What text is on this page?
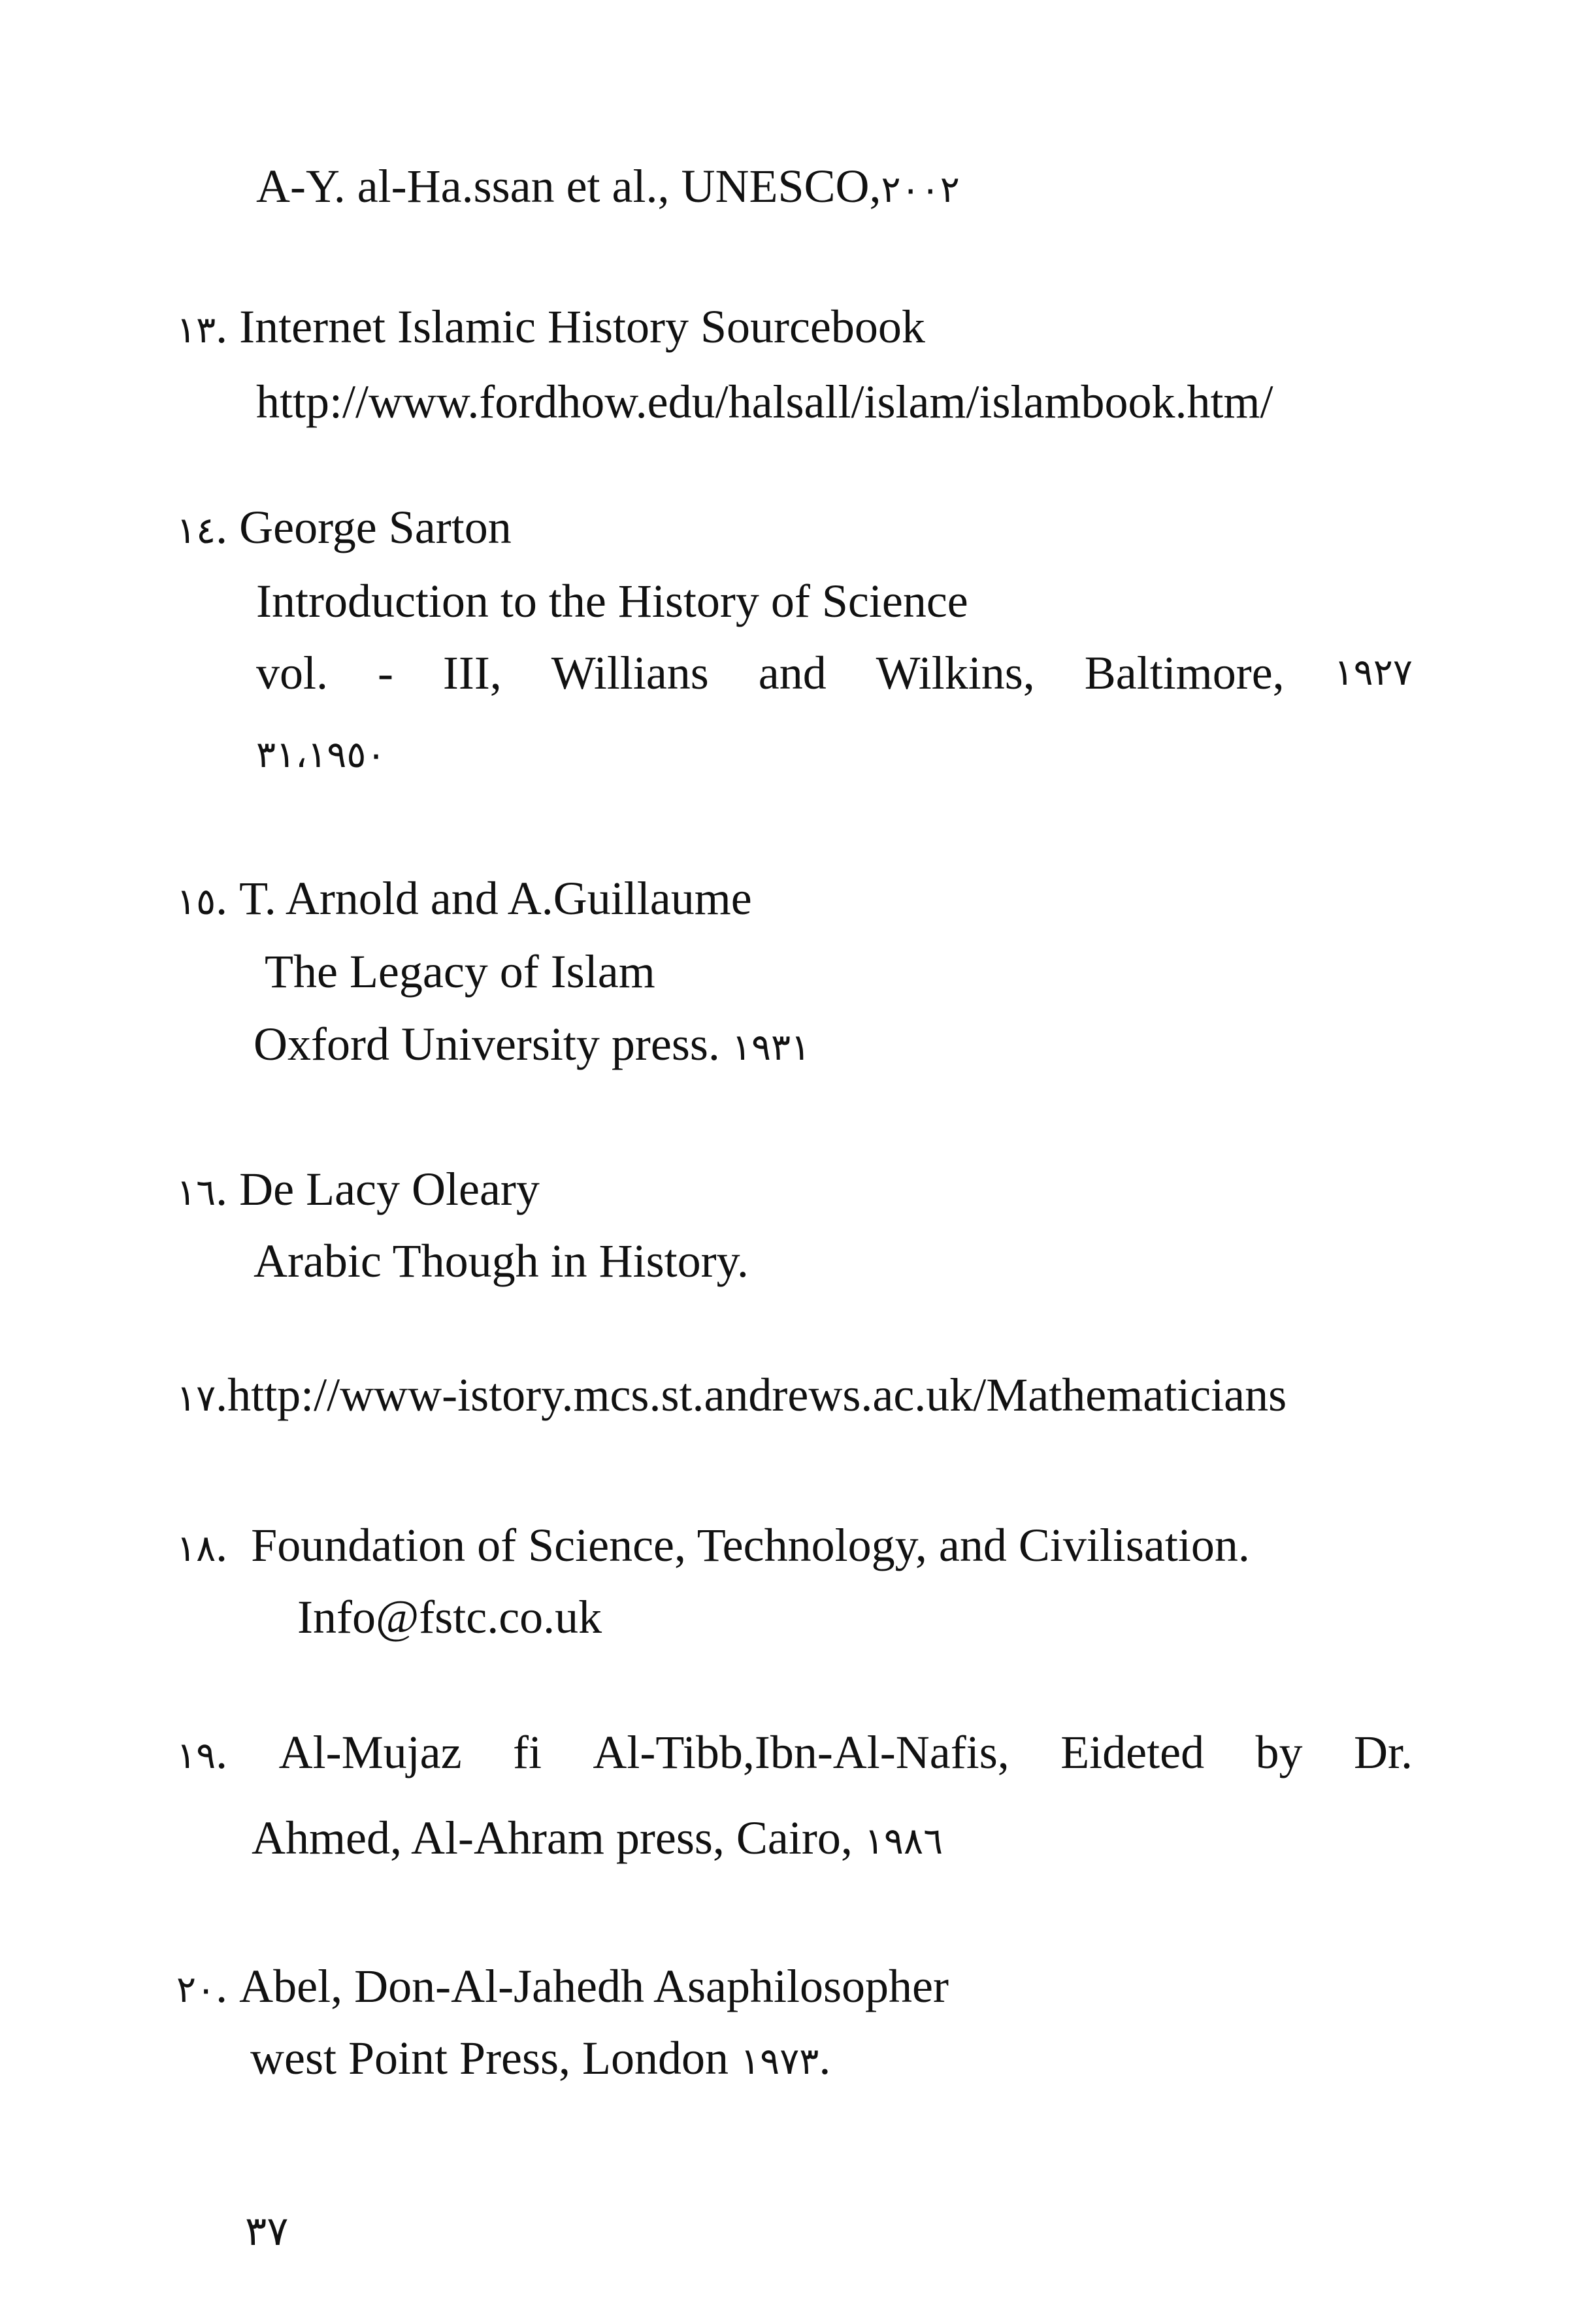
A-Y. al-Ha.ssan et al., UNESCO,٢٠٠٢
١٣. Internet Islamic History Sourcebook
http://www.fordhow.edu/halsall/islam/islambook.htm/
١٤. George Sarton
Introduction to the History of Science
vol. - III, Willians and Wilkins, Baltimore, ١٩٢٧
٣١،١٩٥٠
١٥. T. Arnold and A.Guillaume
The Legacy of Islam
Oxford University press. ١٩٣١
١٦. De Lacy Oleary
Arabic Though in History.
١٧.http://www-istory.mcs.st.andrews.ac.uk/Mathematicians
١٨.  Foundation of Science, Technology, and Civilisation.
Info@fstc.co.uk
١٩. Al-Mujaz fi Al-Tibb,Ibn-Al-Nafis, Eideted by Dr.
Ahmed, Al-Ahram press, Cairo, ١٩٨٦
٢٠. Abel, Don-Al-Jahedh Asaphilosopher
west Point Press, London ١٩٧٣.
٣٧
